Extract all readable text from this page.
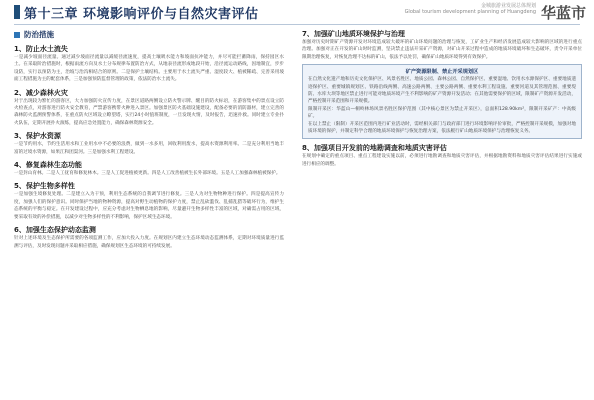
第十三章 环境影响评价与自然灾害评估
金城旅游业发展总体规划
Global tourism development planning of Huangdeng 华蓝市
防治措施
1、防止水土流失

一是减少坡面径流量。通过减少坡面径流量以减缓径流速度，提高土壤吸水能力和坡面抗冲能力，并尽可能拦蓄降雨，保持园区水土。在采取阶治措施时，根据雨流方向及水土分布规律布置防治方式，从地表径流形成地段开始，沿径流运动路线，因地制宜，步步设防，实行以预防为主，治坡与治沟相结合的原则。二是保护土壤结构。主要用于水土流失严重、湿度较大、植被稀疏、完善采用坡面工程措施为主的配套体系，三是加强预防监督管理的政策，依法防治水土流失。

2、减少森林火灾

对于出现较为繁忙的游客区，大力加强防火宣传力度，在景区道路两侧设立防火警示牌、醒目的防火标语，在游客集中的景点设立防火检查点，对游客进行防火安全教育，严禁游客携带火种进入景区。加强景区防火基础设施建设，配备必要的消防器材，建立完善的森林防火监测预警体系，在重点防火区域设立瞭望塔，实行24小时值班制度，一旦发现火情，及时报告，迅速扑救。同时建立专业扑火队伍，定期开展扑火演练，提高应急处置能力，确保森林资源安全。

3、保护水资源

一是节约用水，节约生活用水和工业用水中不必要的浪费，做到一水多用，回收利用废水，提高水资源利用率。二是充分利用当地丰富的过境水资源，如果江和团渠河。三是加强水利工程建设。

4、修复森林生态功能

一是封山育林。二是人工抚育和修复林木。三是人工促进植被更新。四是人工改善植被生长外部环境。五是人工加强森林植被保护。

5、保护生物多样性

一是加强生境修复处理。二是建立入为干预，利用生态系统的自我调节进行修复。三是人为对生物物种进行保护。四是提高宣传力度，加强人们的保护意识。同时保护当地的物种资源，提高对野生动植物的保护力度，禁止乱砍滥伐、乱捕乱猎等破坏行为，维护生态系统的平衡与稳定。在开发建设过程中，应充分考虑对生物栖息地的影响，尽量避开生物多样性丰富的区域，对确需占用的区域，要采取有效的补偿措施，以减少对生物多样性的不利影响，保护区域生态环境。

6、加强生态保护动态监测

针对上述环境及生态保护所需要的各项监测工作，应加大投入力度。在规划区内建立生态环境动态监测体系，定期对环境质量进行监测与评估，及时发现问题并采取相应措施，确保规划区生态环境的可持续发展。

7、加强矿山地质环境保护与治理

加强对历史时期矿产资源开发对环境造成较大破坏的矿山环境问题的治理与恢复，工矿业生产和经济发展造成较大影响的区域的进行重点治理。加强对正在开发的矿山时时监测，坚决禁止违法开采矿产资源，对矿山开采过程中造成的地质环境破坏和生态破坏，责令开采单位限期治理恢复，对恢复治理不达标的矿山，依法予以处罚，确保矿山地质环境得到有效保护。

矿产资源限制、禁止开采规划区

在自然文化遗产地和历史文化保护区、风景名胜区、地质公园、森林公园、自然保护区、重要湿地、饮用水水源保护区、重要地质遗迹保护区、重要城镇规划区、铁路沿线两侧、高速公路两侧、主要公路两侧、重要水利工程设施、重要河道及其管理范围、重要堤防、水库大坝等地区禁止进行可能对地质环境产生不利影响的矿产资源开发活动；在其他需要保护的区域，限制矿产资源开发活动，严格控制开采范围和开采规模。

限制开采区：华蓝山—桐岭林场风景名胜区保护范围（其中核心景区为禁止开采区），总面积128.90km²，限制开采矿产：中高级矿。

在以上禁止（限制）开采区范围内进行矿业活动时，需经相关部门与政府部门进行环境影响评价审批，严格控制开采规模，加强对地质环境的保护，并制定科学合理的地质环境保护与恢复治理方案，依法履行矿山地质环境保护与治理恢复义务。

8、加强项目开发前的地勘调查和地质灾害评估

在规划中确定的重点项目、重点工程建设实施以前，必须进行地勘调查和地质灾害评估，并根据地勘资料和地质灾害评估结果进行实施或进行相应的调整。
